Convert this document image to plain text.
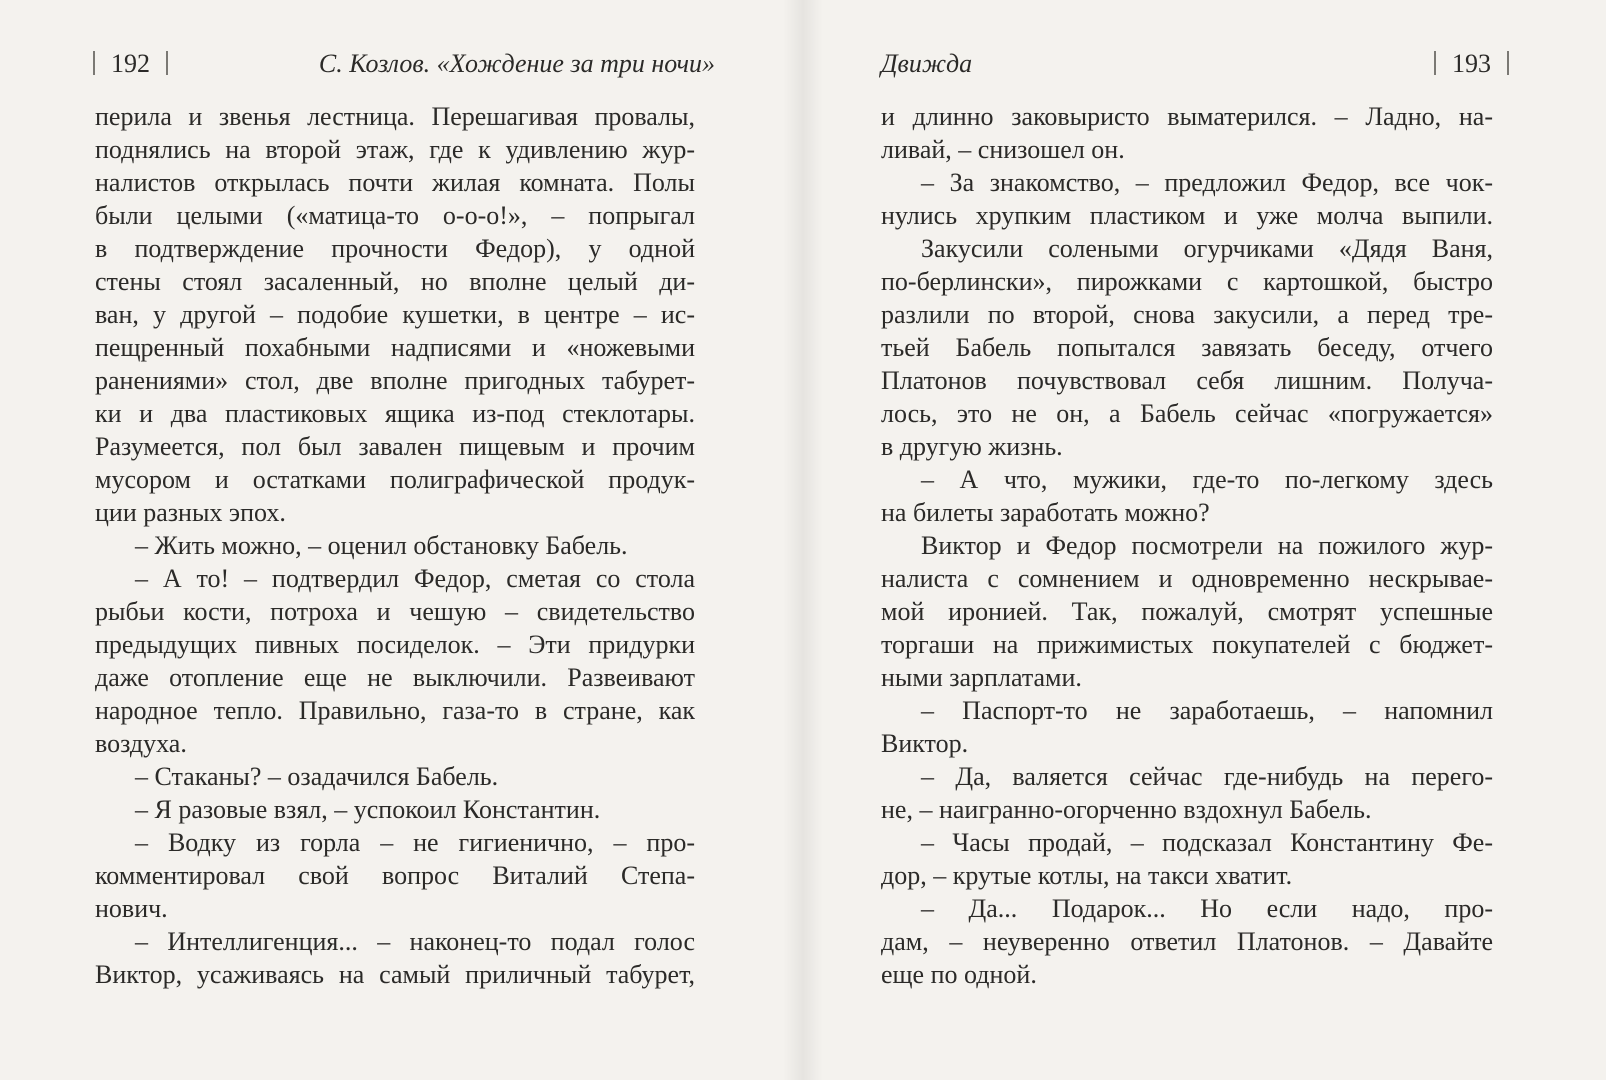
192	С. Козлов. «Хождение за три ночи»
перила и звенья лестница. Перешагивая провалы,
поднялись на второй этаж, где к удивлению жур-
налистов открылась почти жилая комната. Полы
были целыми («матица-то о-о-о!», – попрыгал
в подтверждение прочности Федор), у одной
стены стоял засаленный, но вполне целый ди-
ван, у другой – подобие кушетки, в центре – ис-
пещренный похабными надписями и «ножевыми
ранениями» стол, две вполне пригодных табурет-
ки и два пластиковых ящика из-под стеклотары.
Разумеется, пол был завален пищевым и прочим
мусором и остатками полиграфической продук-
ции разных эпох.
– Жить можно, – оценил обстановку Бабель.
– А то! – подтвердил Федор, сметая со стола
рыбьи кости, потроха и чешую – свидетельство
предыдущих пивных посиделок. – Эти придурки
даже отопление еще не выключили. Развеивают
народное тепло. Правильно, газа-то в стране, как
воздуха.
– Стаканы? – озадачился Бабель.
– Я разовые взял, – успокоил Константин.
– Водку из горла – не гигиенично, – про-
комментировал свой вопрос Виталий Степа-
нович.
– Интеллигенция... – наконец-то подал голос
Виктор, усаживаясь на самый приличный табурет,
Движда	193
и длинно заковыристо выматерился. – Ладно, на-
ливай, – снизошел он.
– За знакомство, – предложил Федор, все чок-
нулись хрупким пластиком и уже молча выпили.
Закусили солеными огурчиками «Дядя Ваня,
по-берлински», пирожками с картошкой, быстро
разлили по второй, снова закусили, а перед тре-
тьей Бабель попытался завязать беседу, отчего
Платонов почувствовал себя лишним. Получа-
лось, это не он, а Бабель сейчас «погружается»
в другую жизнь.
– А что, мужики, где-то по-легкому здесь
на билеты заработать можно?
Виктор и Федор посмотрели на пожилого жур-
налиста с сомнением и одновременно нескрывае-
мой иронией. Так, пожалуй, смотрят успешные
торгаши на прижимистых покупателей с бюджет-
ными зарплатами.
– Паспорт-то не заработаешь, – напомнил
Виктор.
– Да, валяется сейчас где-нибудь на перего-
не, – наигранно-огорченно вздохнул Бабель.
– Часы продай, – подсказал Константину Фе-
дор, – крутые котлы, на такси хватит.
– Да... Подарок... Но если надо, про-
дам, – неуверенно ответил Платонов. – Давайте
еще по одной.
